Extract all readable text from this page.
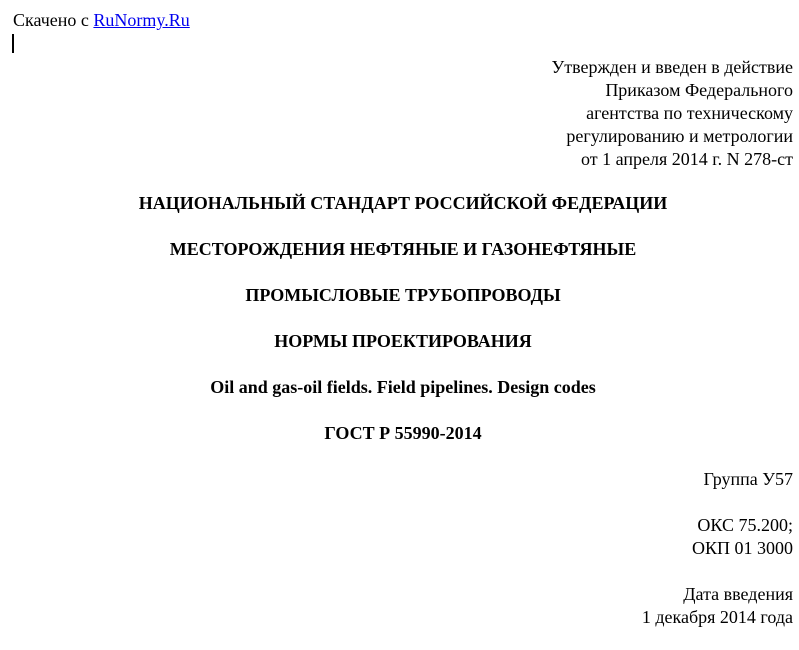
Скачено с RuNormy.Ru
Утвержден и введен в действие
Приказом Федерального
агентства по техническому
регулированию и метрологии
от 1 апреля 2014 г. N 278-ст
НАЦИОНАЛЬНЫЙ СТАНДАРТ РОССИЙСКОЙ ФЕДЕРАЦИИ
МЕСТОРОЖДЕНИЯ НЕФТЯНЫЕ И ГАЗОНЕФТЯНЫЕ
ПРОМЫСЛОВЫЕ ТРУБОПРОВОДЫ
НОРМЫ ПРОЕКТИРОВАНИЯ
Oil and gas-oil fields. Field pipelines. Design codes
ГОСТ Р 55990-2014
Группа У57
ОКС 75.200;
ОКП 01 3000
Дата введения
1 декабря 2014 года
